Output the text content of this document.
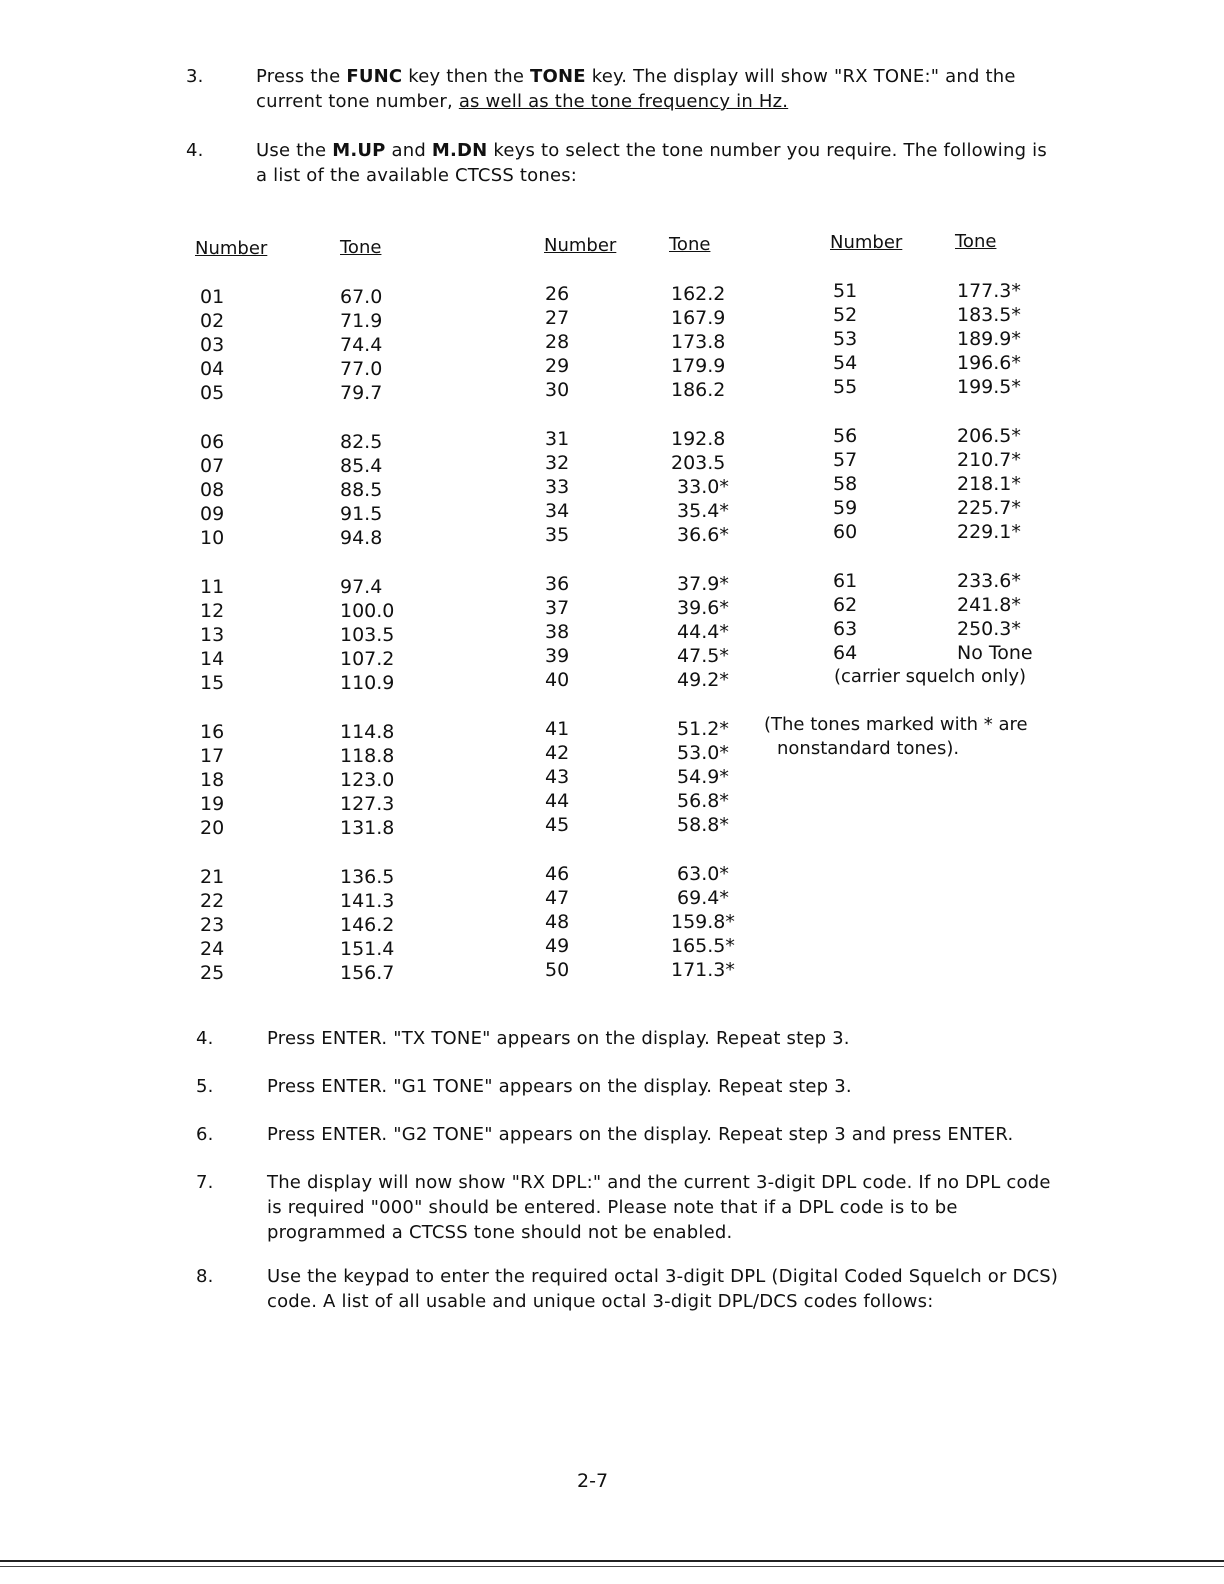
3.	Press the FUNC key then the TONE key. The display will show "RX TONE:" and the current tone number, as well as the tone frequency in Hz.
4.	Use the M.UP and M.DN keys to select the tone number you require. The following is a list of the available CTCSS tones:
Number	Tone	Number	Tone	Number	Tone
01	67.0
02	71.9
03	74.4
04	77.0
05	79.7
06	82.5
07	85.4
08	88.5
09	91.5
10	94.8
11	97.4
12	100.0
13	103.5
14	107.2
15	110.9
16	114.8
17	118.8
18	123.0
19	127.3
20	131.8
21	136.5
22	141.3
23	146.2
24	151.4
25	156.7
26	162.2
27	167.9
28	173.8
29	179.9
30	186.2
31	192.8
32	203.5
33	33.0*
34	35.4*
35	36.6*
36	37.9*
37	39.6*
38	44.4*
39	47.5*
40	49.2*
41	51.2*
42	53.0*
43	54.9*
44	56.8*
45	58.8*
46	63.0*
47	69.4*
48	159.8*
49	165.5*
50	171.3*
51	177.3*
52	183.5*
53	189.9*
54	196.6*
55	199.5*
56	206.5*
57	210.7*
58	218.1*
59	225.7*
60	229.1*
61	233.6*
62	241.8*
63	250.3*
64	No Tone
(carrier squelch only)
(The tones marked with * are
nonstandard tones).
4.	Press ENTER. "TX TONE" appears on the display. Repeat step 3.
5.	Press ENTER. "G1 TONE" appears on the display. Repeat step 3.
6.	Press ENTER. "G2 TONE" appears on the display. Repeat step 3 and press ENTER.
7.	The display will now show "RX DPL:" and the current 3-digit DPL code. If no DPL code is required "000" should be entered. Please note that if a DPL code is to be programmed a CTCSS tone should not be enabled.
8.	Use the keypad to enter the required octal 3-digit DPL (Digital Coded Squelch or DCS) code. A list of all usable and unique octal 3-digit DPL/DCS codes follows:
2-7
